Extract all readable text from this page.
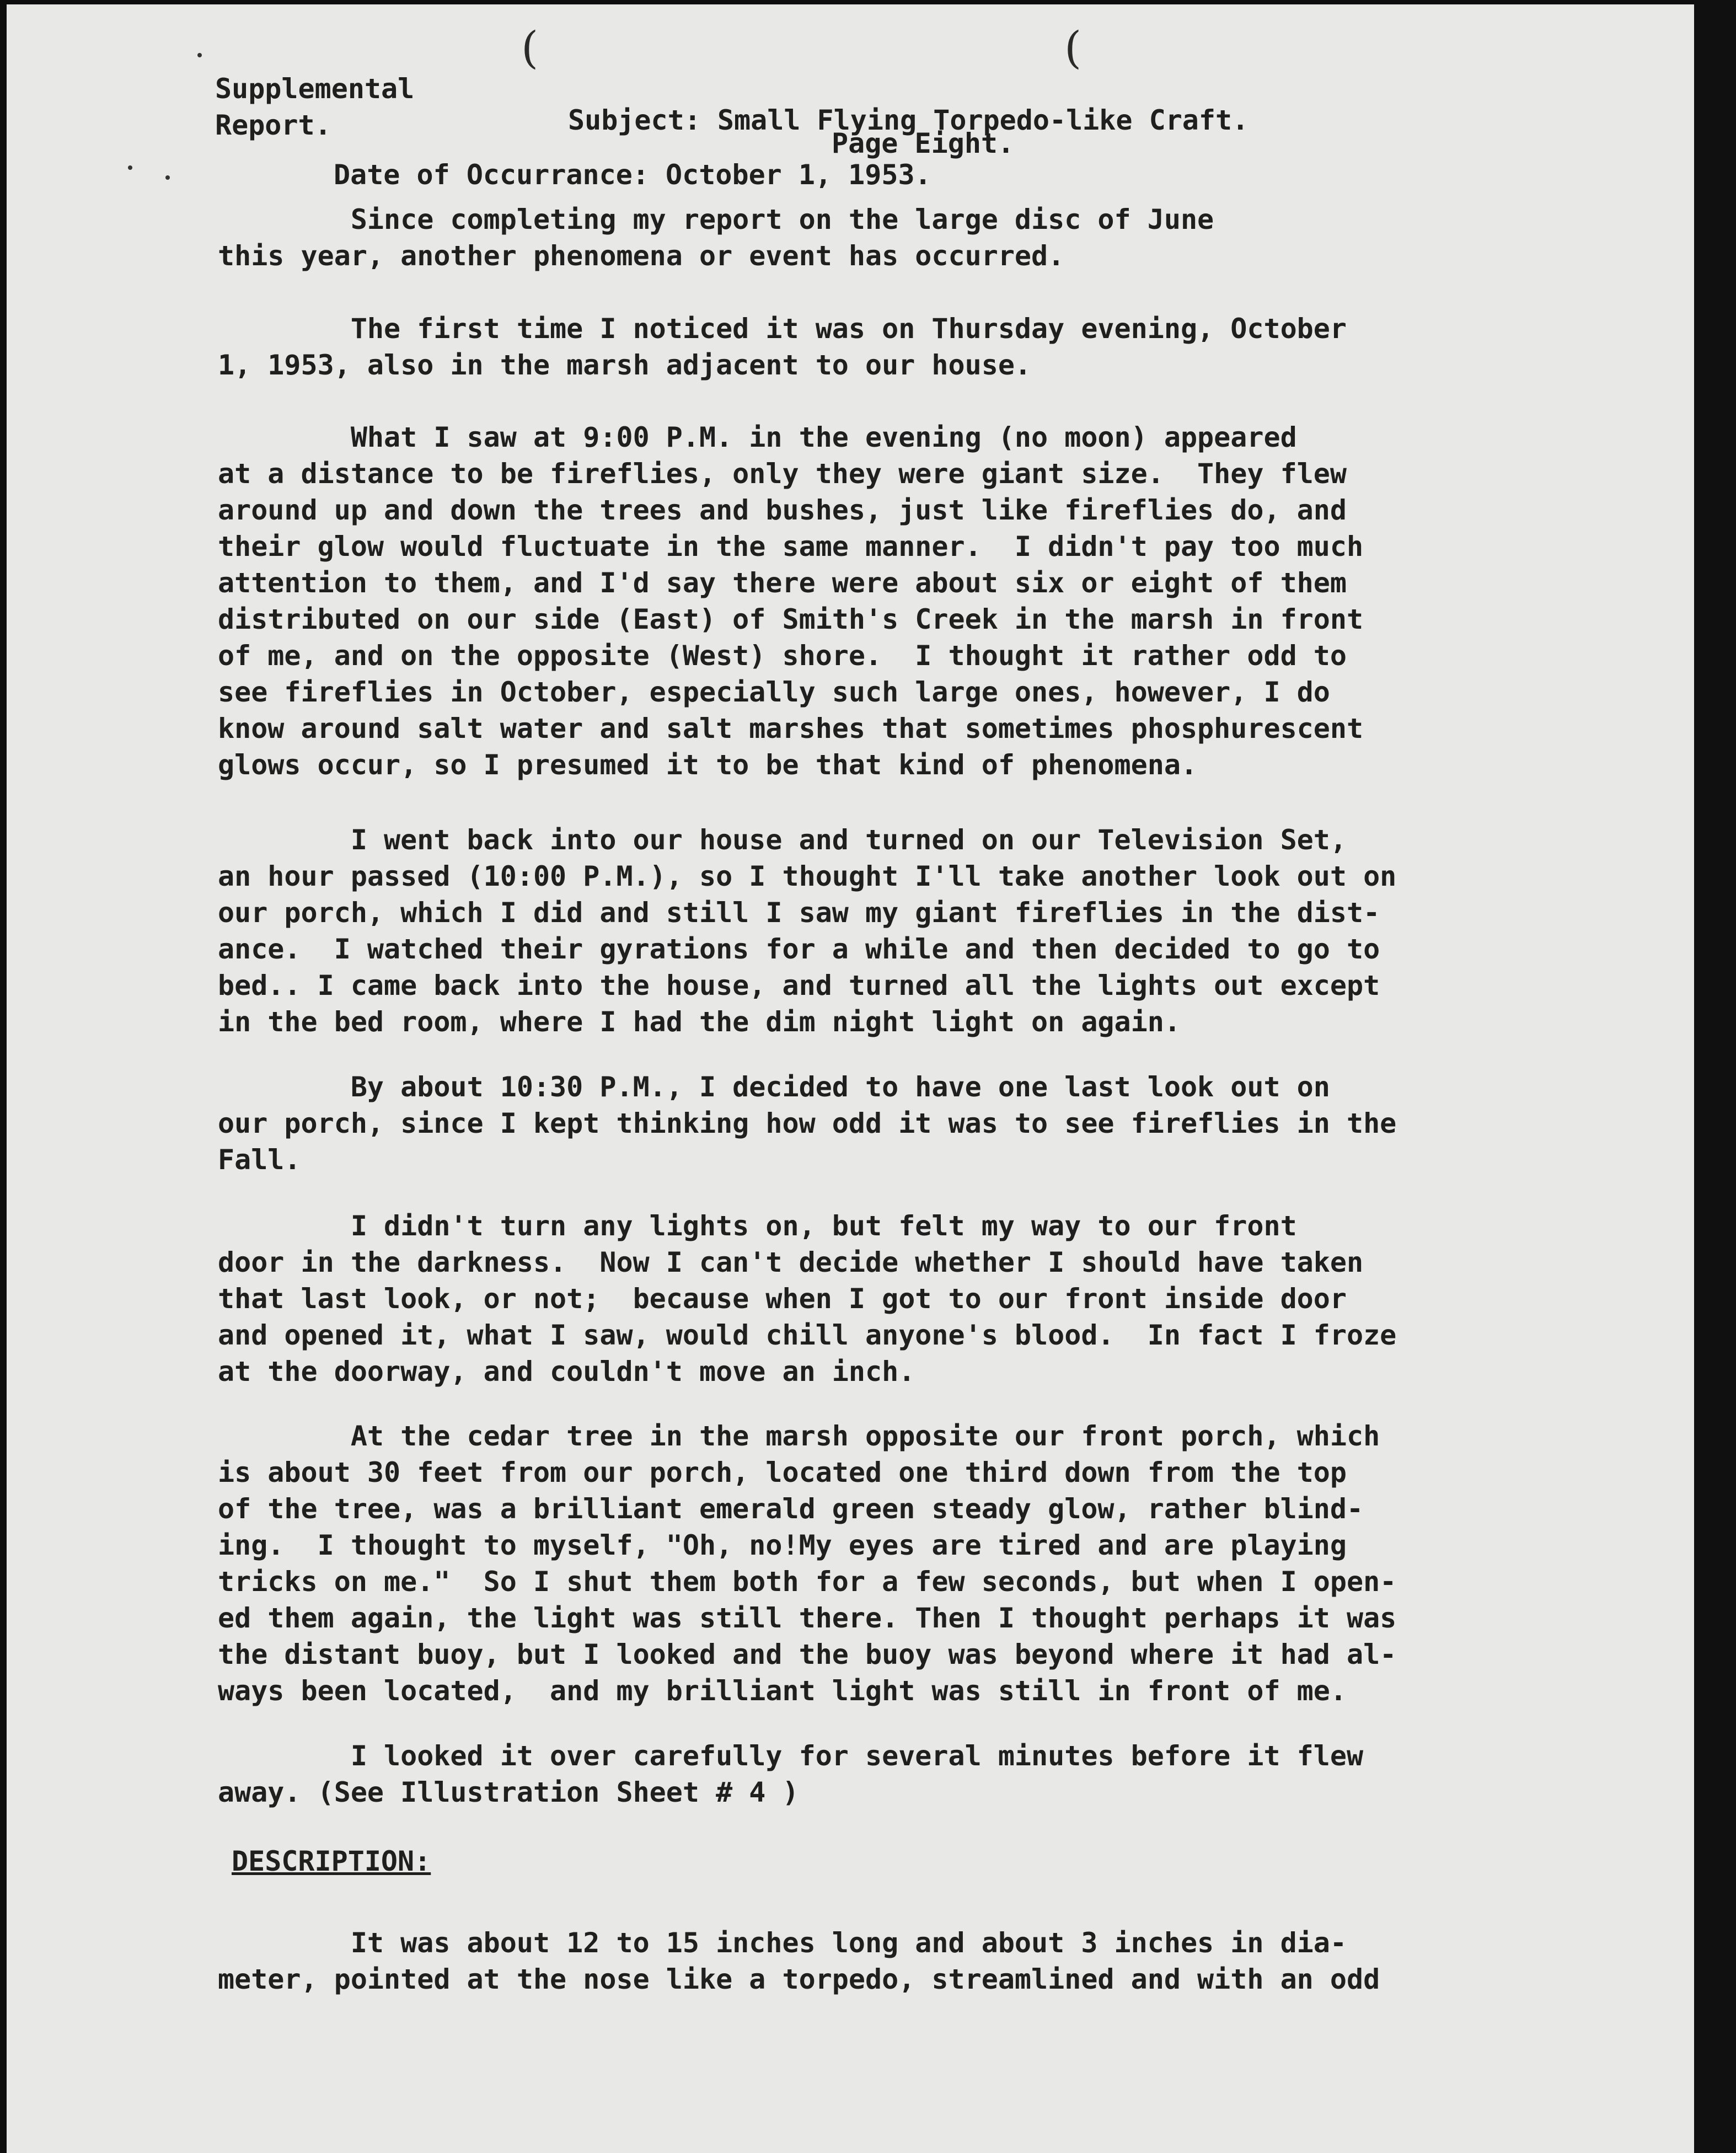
(	(

Supplemental
Report.	Subject: Small Flying Torpedo-like Craft.

Page Eight.

Date of Occurrance: October 1, 1953.

Since completing my report on the large disc of June
this year, another phenomena or event has occurred.

The first time I noticed it was on Thursday evening, October
1, 1953, also in the marsh adjacent to our house.

What I saw at 9:00 P.M. in the evening (no moon) appeared
at a distance to be fireflies, only they were giant size.  They flew
around up and down the trees and bushes, just like fireflies do, and
their glow would fluctuate in the same manner.  I didn't pay too much
attention to them, and I'd say there were about six or eight of them
distributed on our side (East) of Smith's Creek in the marsh in front
of me, and on the opposite (West) shore.  I thought it rather odd to
see fireflies in October, especially such large ones, however, I do
know around salt water and salt marshes that sometimes phosphurescent
glows occur, so I presumed it to be that kind of phenomena.

I went back into our house and turned on our Television Set,
an hour passed (10:00 P.M.), so I thought I'll take another look out on
our porch, which I did and still I saw my giant fireflies in the dist-
ance.  I watched their gyrations for a while and then decided to go to
bed.. I came back into the house, and turned all the lights out except
in the bed room, where I had the dim night light on again.

By about 10:30 P.M., I decided to have one last look out on
our porch, since I kept thinking how odd it was to see fireflies in the
Fall.

I didn't turn any lights on, but felt my way to our front
door in the darkness.  Now I can't decide whether I should have taken
that last look, or not;  because when I got to our front inside door
and opened it, what I saw, would chill anyone's blood.  In fact I froze
at the doorway, and couldn't move an inch.

At the cedar tree in the marsh opposite our front porch, which
is about 30 feet from our porch, located one third down from the top
of the tree, was a brilliant emerald green steady glow, rather blind-
ing.  I thought to myself, "Oh, no!My eyes are tired and are playing
tricks on me."  So I shut them both for a few seconds, but when I open-
ed them again, the light was still there. Then I thought perhaps it was
the distant buoy, but I looked and the buoy was beyond where it had al-
ways been located,  and my brilliant light was still in front of me.

I looked it over carefully for several minutes before it flew
away. (See Illustration Sheet # 4 )

DESCRIPTION:

It was about 12 to 15 inches long and about 3 inches in dia-
meter, pointed at the nose like a torpedo, streamlined and with an odd
